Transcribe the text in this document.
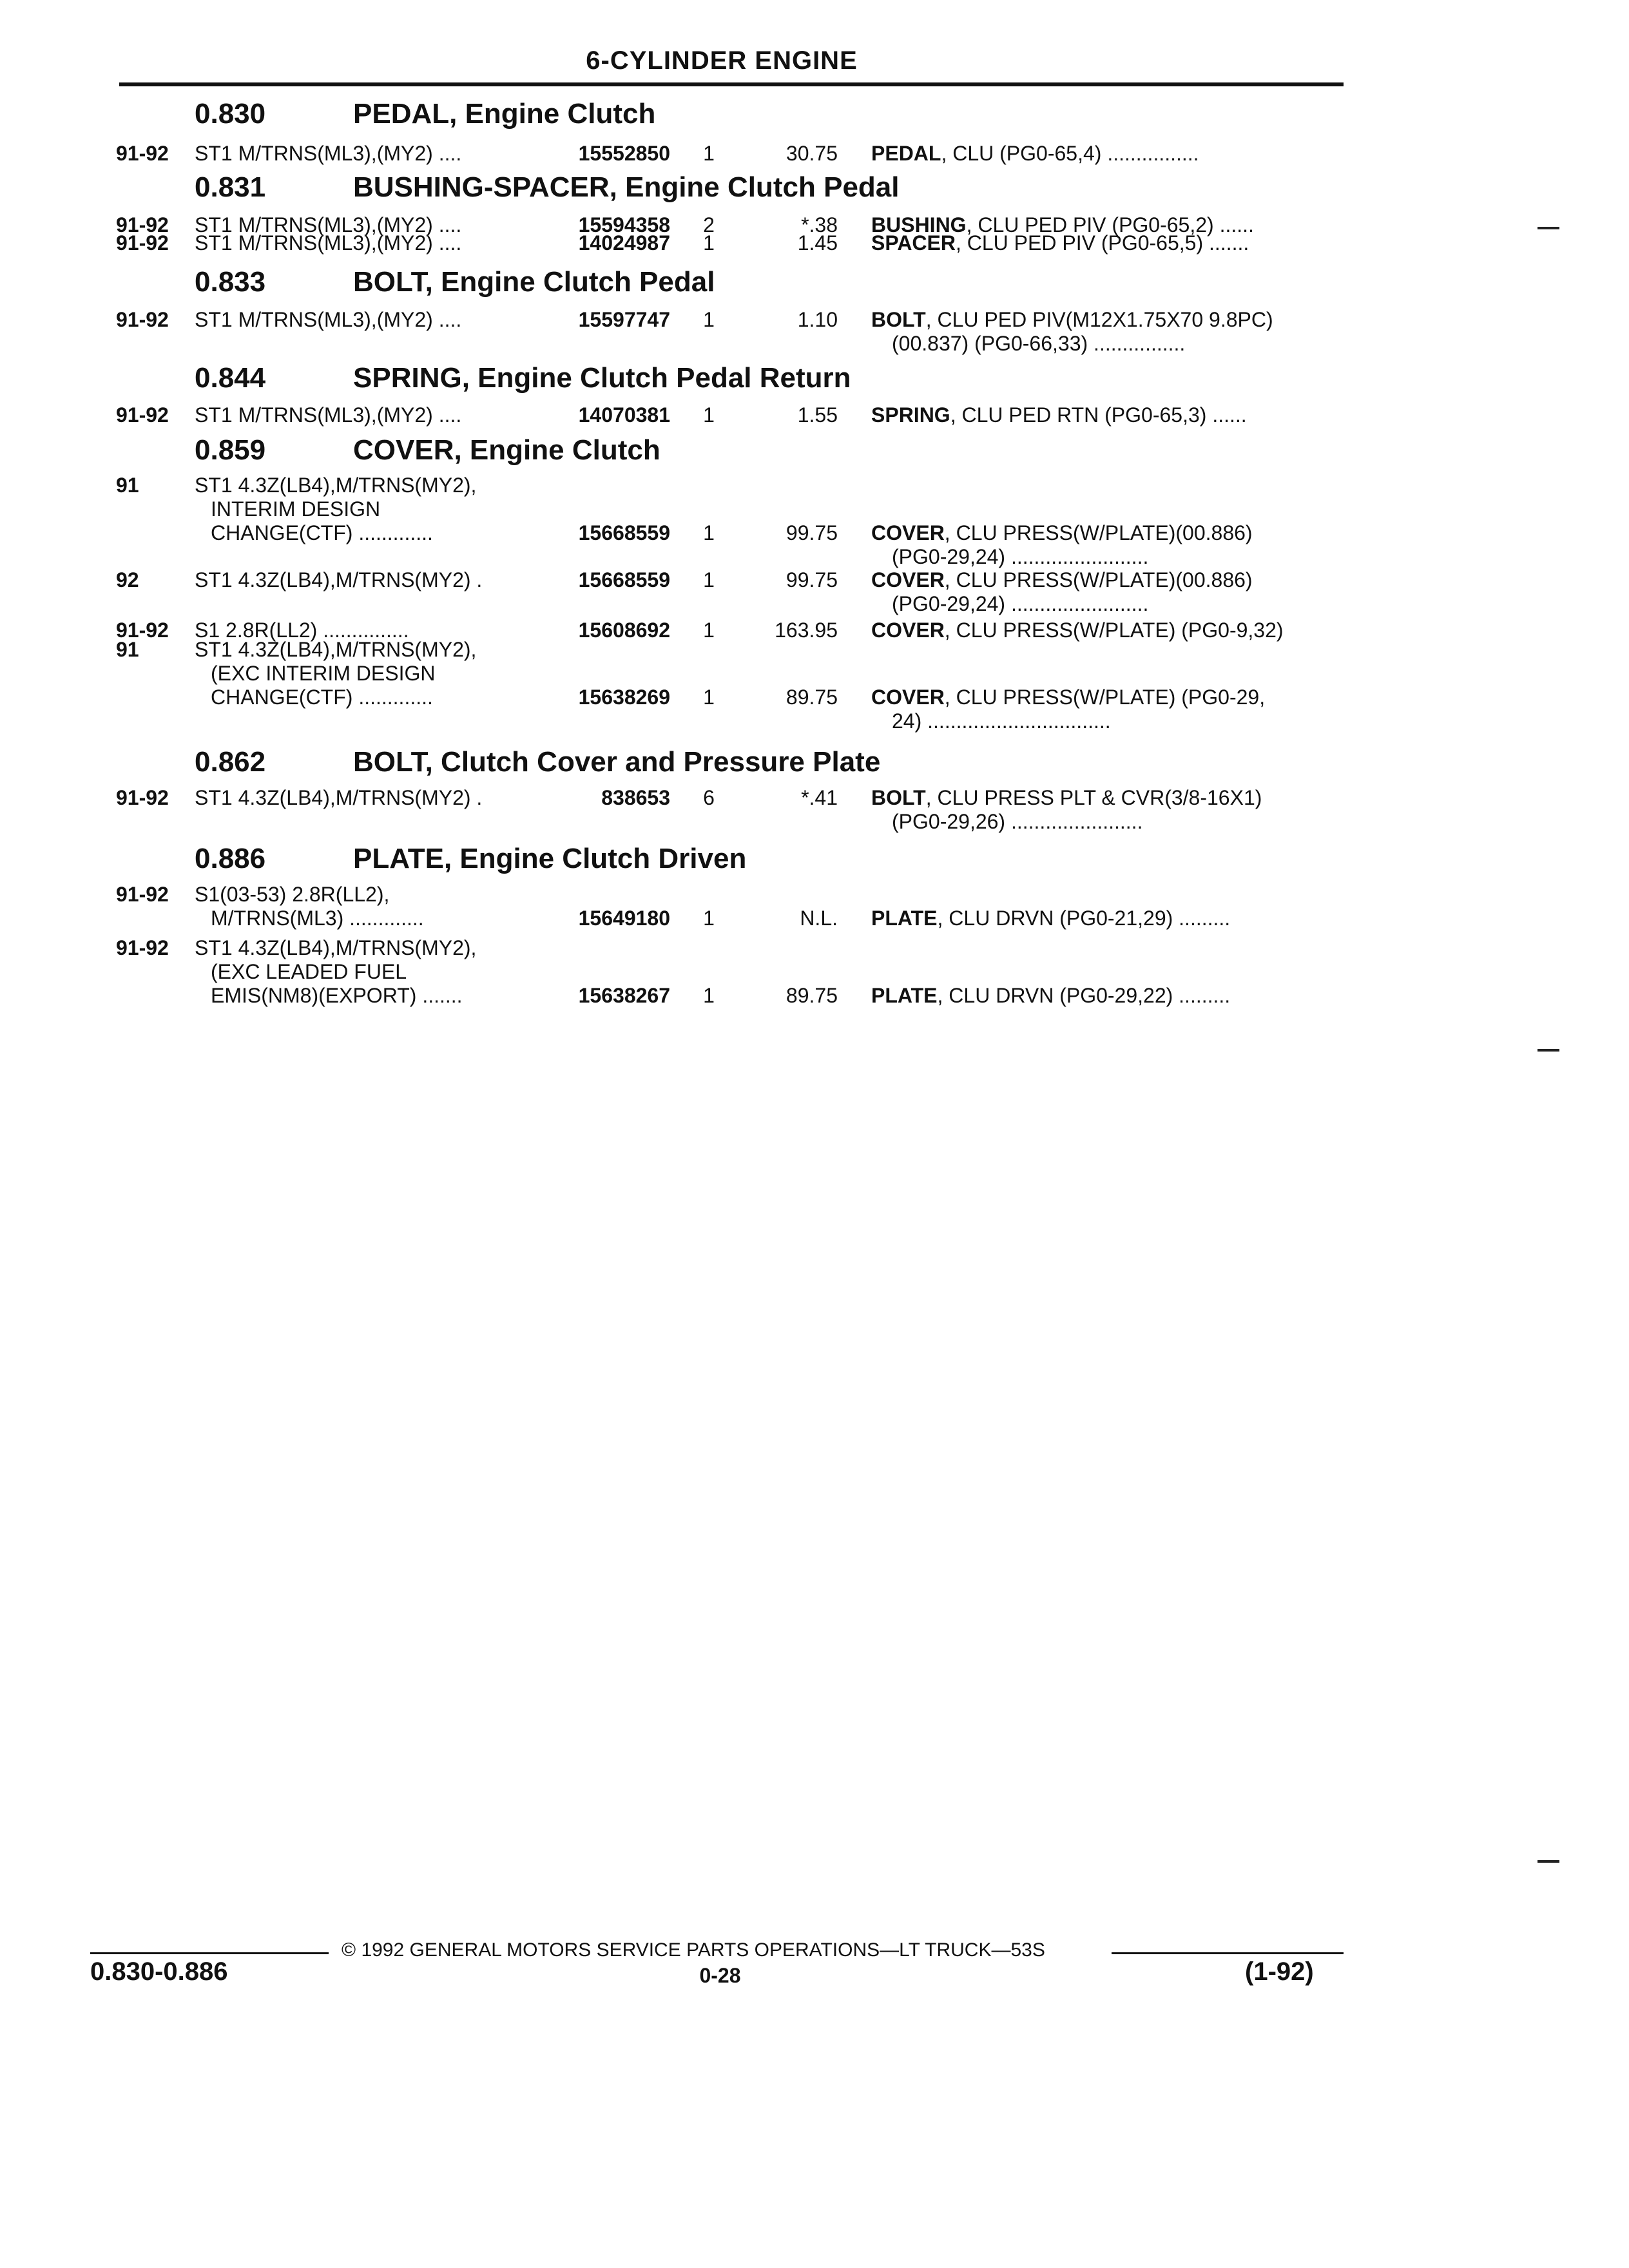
6-CYLINDER ENGINE
0.830	PEDAL, Engine Clutch
91-92 ST1 M/TRNS(ML3),(MY2) ....	15552850	1	30.75 PEDAL, CLU (PG0-65,4) ................
0.831	BUSHING-SPACER, Engine Clutch Pedal
91-92 ST1 M/TRNS(ML3),(MY2) ....	15594358	2	*.38 BUSHING, CLU PED PIV (PG0-65,2) ......
91-92 ST1 M/TRNS(ML3),(MY2) ....	14024987	1	1.45 SPACER, CLU PED PIV (PG0-65,5) .......
0.833	BOLT, Engine Clutch Pedal
91-92 ST1 M/TRNS(ML3),(MY2) ....	15597747	1	1.10 BOLT, CLU PED PIV(M12X1.75X70 9.8PC)
(00.837) (PG0-66,33) ................
0.844	SPRING, Engine Clutch Pedal Return
91-92 ST1 M/TRNS(ML3),(MY2) ....	14070381	1	1.55 SPRING, CLU PED RTN (PG0-65,3) ......
0.859	COVER, Engine Clutch
91	ST1 4.3Z(LB4),M/TRNS(MY2),
INTERIM DESIGN
CHANGE(CTF) .............	15668559	1	99.75 COVER, CLU PRESS(W/PLATE)(00.886)
(PG0-29,24) ........................
92	ST1 4.3Z(LB4),M/TRNS(MY2) .	15668559	1	99.75 COVER, CLU PRESS(W/PLATE)(00.886)
(PG0-29,24) ........................
91-92 S1 2.8R(LL2) ...............	15608692	1	163.95 COVER, CLU PRESS(W/PLATE) (PG0-9,32)
91	ST1 4.3Z(LB4),M/TRNS(MY2),
(EXC INTERIM DESIGN
CHANGE(CTF) .............	15638269	1	89.75 COVER, CLU PRESS(W/PLATE) (PG0-29,
24) ................................
0.862	BOLT, Clutch Cover and Pressure Plate
91-92 ST1 4.3Z(LB4),M/TRNS(MY2) .	838653	6	*.41 BOLT, CLU PRESS PLT & CVR(3/8-16X1)
(PG0-29,26) .......................
0.886	PLATE, Engine Clutch Driven
91-92 S1(03-53) 2.8R(LL2),
M/TRNS(ML3) .............	15649180	1	N.L. PLATE, CLU DRVN (PG0-21,29) .........
91-92 ST1 4.3Z(LB4),M/TRNS(MY2),
(EXC LEADED FUEL
EMIS(NM8)(EXPORT) .......	15638267	1	89.75 PLATE, CLU DRVN (PG0-29,22) .........
0.830-0.886
© 1992 GENERAL MOTORS SERVICE PARTS OPERATIONS—LT TRUCK—53S
0-28	(1-92)
